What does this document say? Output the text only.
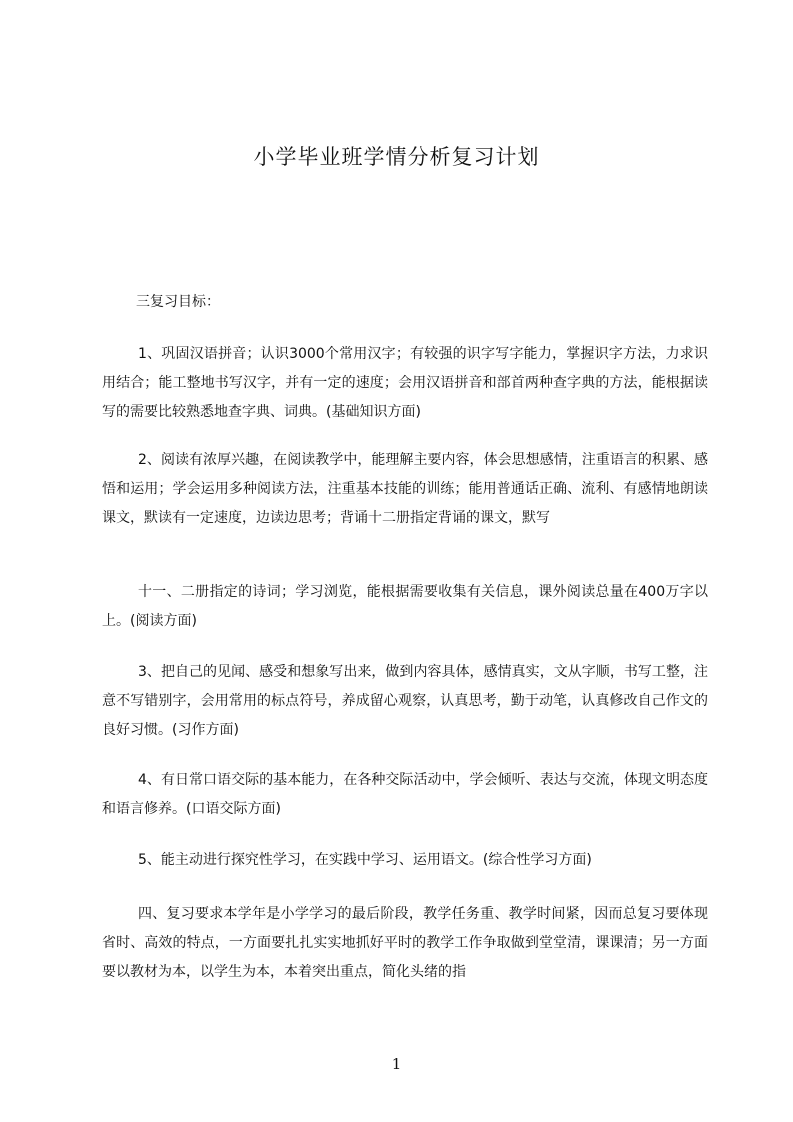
小学毕业班学情分析复习计划

三复习目标：

1、巩固汉语拼音；认识3000个常用汉字；有较强的识字写字能力，掌握识字方法，力求识用结合；能工整地书写汉字，并有一定的速度；会用汉语拼音和部首两种查字典的方法，能根据读写的需要比较熟悉地查字典、词典。(基础知识方面)

2、阅读有浓厚兴趣，在阅读教学中，能理解主要内容，体会思想感情，注重语言的积累、感悟和运用；学会运用多种阅读方法，注重基本技能的训练；能用普通话正确、流利、有感情地朗读课文，默读有一定速度，边读边思考；背诵十二册指定背诵的课文，默写

十一、二册指定的诗词；学习浏览，能根据需要收集有关信息，课外阅读总量在400万字以上。(阅读方面)

3、把自己的见闻、感受和想象写出来，做到内容具体，感情真实，文从字顺，书写工整，注意不写错别字，会用常用的标点符号，养成留心观察，认真思考，勤于动笔，认真修改自己作文的良好习惯。(习作方面)

4、有日常口语交际的基本能力，在各种交际活动中，学会倾听、表达与交流，体现文明态度和语言修养。(口语交际方面)

5、能主动进行探究性学习，在实践中学习、运用语文。(综合性学习方面)

四、复习要求本学年是小学学习的最后阶段，教学任务重、教学时间紧，因而总复习要体现省时、高效的特点，一方面要扎扎实实地抓好平时的教学工作争取做到堂堂清，课课清；另一方面要以教材为本，以学生为本，本着突出重点，简化头绪的指

1
